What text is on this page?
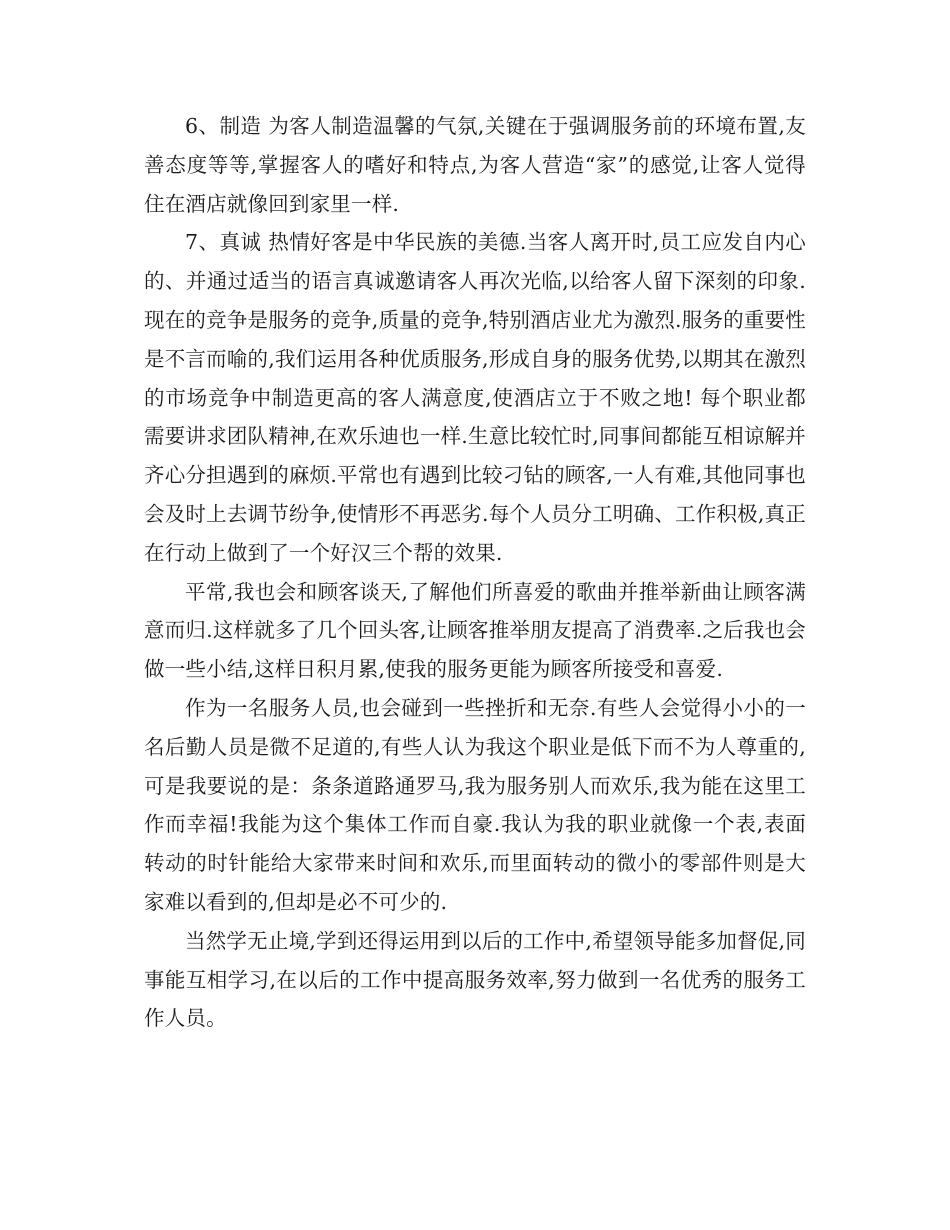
6、制造 为客人制造温馨的气氛,关键在于强调服务前的环境布置,友善态度等等,掌握客人的嗜好和特点,为客人营造“家”的感觉,让客人觉得住在酒店就像回到家里一样.

7、真诚 热情好客是中华民族的美德.当客人离开时,员工应发自内心的、并通过适当的语言真诚邀请客人再次光临,以给客人留下深刻的印象. 现在的竞争是服务的竞争,质量的竞争,特别酒店业尤为激烈.服务的重要性是不言而喻的,我们运用各种优质服务,形成自身的服务优势,以期其在激烈的市场竞争中制造更高的客人满意度,使酒店立于不败之地! 每个职业都需要讲求团队精神,在欢乐迪也一样.生意比较忙时,同事间都能互相谅解并齐心分担遇到的麻烦.平常也有遇到比较刁钻的顾客,一人有难,其他同事也会及时上去调节纷争,使情形不再恶劣.每个人员分工明确、工作积极,真正在行动上做到了一个好汉三个帮的效果.

平常,我也会和顾客谈天,了解他们所喜爱的歌曲并推举新曲让顾客满意而归.这样就多了几个回头客,让顾客推举朋友提高了消费率.之后我也会做一些小结,这样日积月累,使我的服务更能为顾客所接受和喜爱.

作为一名服务人员,也会碰到一些挫折和无奈.有些人会觉得小小的一名后勤人员是微不足道的,有些人认为我这个职业是低下而不为人尊重的,可是我要说的是：条条道路通罗马,我为服务别人而欢乐,我为能在这里工作而幸福!我能为这个集体工作而自豪.我认为我的职业就像一个表,表面转动的时针能给大家带来时间和欢乐,而里面转动的微小的零部件则是大家难以看到的,但却是必不可少的.

当然学无止境,学到还得运用到以后的工作中,希望领导能多加督促,同事能互相学习,在以后的工作中提高服务效率,努力做到一名优秀的服务工作人员。
